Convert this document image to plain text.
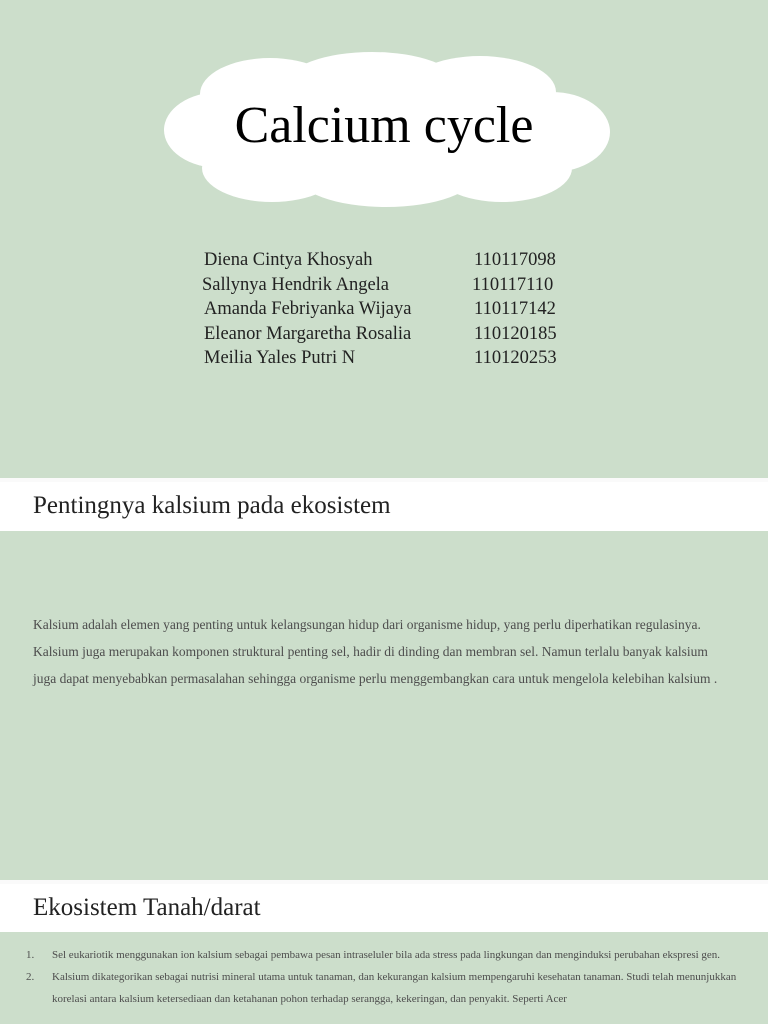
Calcium cycle
Diena Cintya Khosyah	110117098
Sallynya Hendrik Angela	110117110
Amanda Febriyanka Wijaya	110117142
Eleanor Margaretha Rosalia	110120185
Meilia Yales Putri N	110120253
Pentingnya kalsium pada ekosistem
Kalsium adalah elemen yang penting untuk kelangsungan hidup dari organisme hidup, yang perlu diperhatikan regulasinya. Kalsium juga merupakan komponen struktural penting sel, hadir di dinding dan membran sel. Namun terlalu banyak kalsium juga dapat menyebabkan permasalahan sehingga organisme perlu menggembangkan cara untuk mengelola kelebihan kalsium .
Ekosistem Tanah/darat
1. Sel eukariotik menggunakan ion kalsium sebagai pembawa pesan intraseluler bila ada stress pada lingkungan dan menginduksi perubahan ekspresi gen.
2. Kalsium dikategorikan sebagai nutrisi mineral utama untuk tanaman, dan kekurangan kalsium mempengaruhi kesehatan tanaman. Studi telah menunjukkan korelasi antara kalsium ketersediaan dan ketahanan pohon terhadap serangga, kekeringan, dan penyakit. Seperti Acer
